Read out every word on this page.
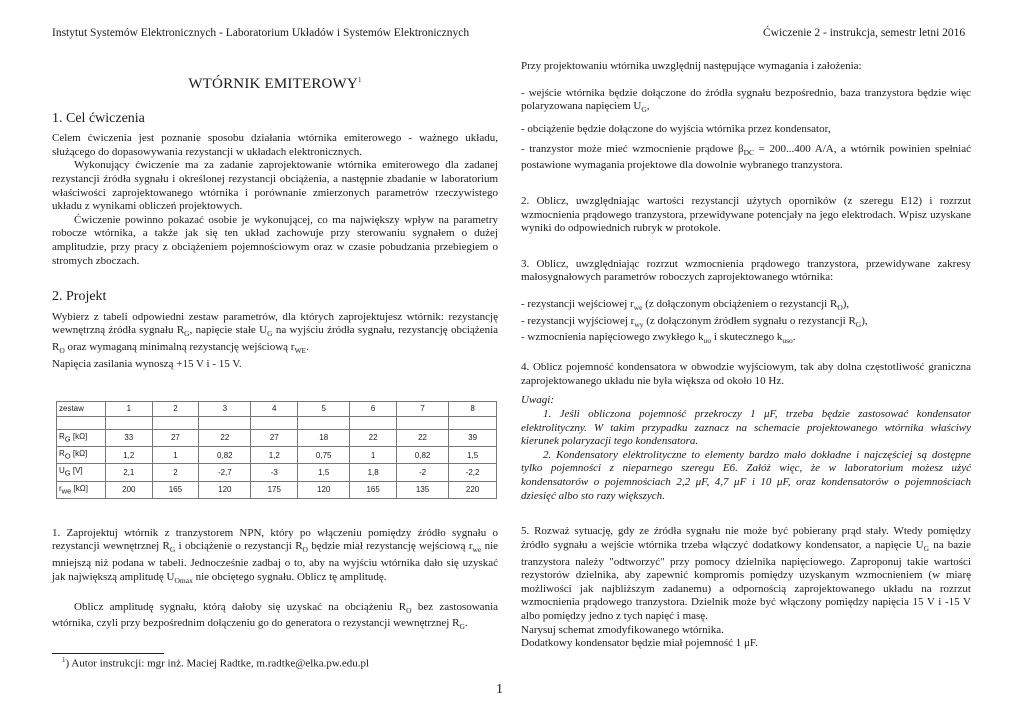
Instytut Systemów Elektronicznych - Laboratorium Układów i Systemów Elektronicznych	Ćwiczenie 2 - instrukcja, semestr letni 2016
WTÓRNIK EMITEROWY$^1$
1. Cel ćwiczenia

Celem ćwiczenia jest poznanie sposobu działania wtórnika emiterowego - ważnego układu, służącego do dopasowywania rezystancji w układach elektronicznych.

Wykonujący ćwiczenie ma za zadanie zaprojektowanie wtórnika emiterowego dla zadanej rezystancji źródła sygnału i określonej rezystancji obciążenia, a następnie zbadanie w laboratorium właściwości zaprojektowanego wtórnika i porównanie zmierzonych parametrów rzeczywistego układu z wynikami obliczeń projektowych.

Ćwiczenie powinno pokazać osobie je wykonującej, co ma największy wpływ na parametry robocze wtórnika, a także jak się ten układ zachowuje przy sterowaniu sygnałem o dużej amplitudzie, przy pracy z obciążeniem pojemnościowym oraz w czasie pobudzania przebiegiem o stromych zboczach.

2. Projekt

Wybierz z tabeli odpowiedni zestaw parametrów, dla których zaprojektujesz wtórnik: rezystancję wewnętrzną źródła sygnału $R_G$, napięcie stałe $U_G$ na wyjściu źródła sygnału, rezystancję obciążenia $R_O$ oraz wymaganą minimalną rezystancję wejściową $r_{WE}$.

Napięcia zasilania wynoszą +15 V i - 15 V.

zestaw	1	2	3	4	5	6	7	8

$R_G$ [kΩ]	33	27	22	27	18	22	22	39
$R_O$ [kΩ]	1,2	1	0,82	1,2	0,75	1	0,82	1,5
$U_G$ [V]	2,1	2	-2,7	-3	1,5	1,8	-2	-2,2
$r_{we}$ [kΩ]	200	165	120	175	120	165	135	220

1. Zaprojektuj wtórnik z tranzystorem NPN, który po włączeniu pomiędzy źródło sygnału o rezystancji wewnętrznej $R_G$ i obciążenie o rezystancji $R_O$ będzie miał rezystancję wejściową $r_{we}$ nie mniejszą niż podana w tabeli. Jednocześnie zadbaj o to, aby na wyjściu wtórnika dało się uzyskać jak największą amplitudę $U_{Omax}$ nie obciętego sygnału. Oblicz tę amplitudę.

Oblicz amplitudę sygnału, którą dałoby się uzyskać na obciążeniu $R_O$ bez zastosowania wtórnika, czyli przy bezpośrednim dołączeniu go do generatora o rezystancji wewnętrznej $R_G$.

$^1$) Autor instrukcji: mgr inż. Maciej Radtke, m.radtke@elka.pw.edu.pl
1

Przy projektowaniu wtórnika uwzględnij następujące wymagania i założenia:

- wejście wtórnika będzie dołączone do źródła sygnału bezpośrednio, baza tranzystora będzie więc polaryzowana napięciem $U_G$,

- obciążenie będzie dołączone do wyjścia wtórnika przez kondensator,

- tranzystor może mieć wzmocnienie prądowe $\beta_{DC} = 200...400$ A/A, a wtórnik powinien spełniać postawione wymagania projektowe dla dowolnie wybranego tranzystora.

2. Oblicz, uwzględniając wartości rezystancji użytych oporników (z szeregu E12) i rozrzut wzmocnienia prądowego tranzystora, przewidywane potencjały na jego elektrodach. Wpisz uzyskane wyniki do odpowiednich rubryk w protokole.

3. Oblicz, uwzględniając rozrzut wzmocnienia prądowego tranzystora, przewidywane zakresy małosygnałowych parametrów roboczych zaprojektowanego wtórnika:

- rezystancji wejściowej $r_{we}$ (z dołączonym obciążeniem o rezystancji $R_O$),

- rezystancji wyjściowej $r_{wy}$ (z dołączonym źródłem sygnału o rezystancji $R_G$),

- wzmocnienia napięciowego zwykłego $k_{uo}$ i skutecznego $k_{uso}$.

4. Oblicz pojemność kondensatora w obwodzie wyjściowym, tak aby dolna częstotliwość graniczna zaprojektowanego układu nie była większa od około 10 Hz.

Uwagi:

1. Jeśli obliczona pojemność przekroczy 1 μF, trzeba będzie zastosować kondensator elektrolityczny. W takim przypadku zaznacz na schemacie projektowanego wtórnika właściwy kierunek polaryzacji tego kondensatora.

2. Kondensatory elektrolityczne to elementy bardzo mało dokładne i najczęściej są dostępne tylko pojemności z nieparnego szeregu E6. Załóż więc, że w laboratorium możesz użyć kondensatorów o pojemnościach 2,2 μF, 4,7 μF i 10 μF, oraz kondensatorów o pojemnościach dziesięć albo sto razy większych.

5. Rozważ sytuację, gdy ze źródła sygnału nie może być pobierany prąd stały. Wtedy pomiędzy źródło sygnału a wejście wtórnika trzeba włączyć dodatkowy kondensator, a napięcie $U_G$ na bazie tranzystora należy "odtworzyć" przy pomocy dzielnika napięciowego. Zaproponuj takie wartości rezystorów dzielnika, aby zapewnić kompromis pomiędzy uzyskanym wzmocnieniem (w miarę możliwości jak najbliższym zadanemu) a odpornością zaprojektowanego układu na rozrzut wzmocnienia prądowego tranzystora. Dzielnik może być włączony pomiędzy napięcia 15 V i -15 V albo pomiędzy jedno z tych napięć i masę.

Narysuj schemat zmodyfikowanego wtórnika.

Dodatkowy kondensator będzie miał pojemność 1 μF.
